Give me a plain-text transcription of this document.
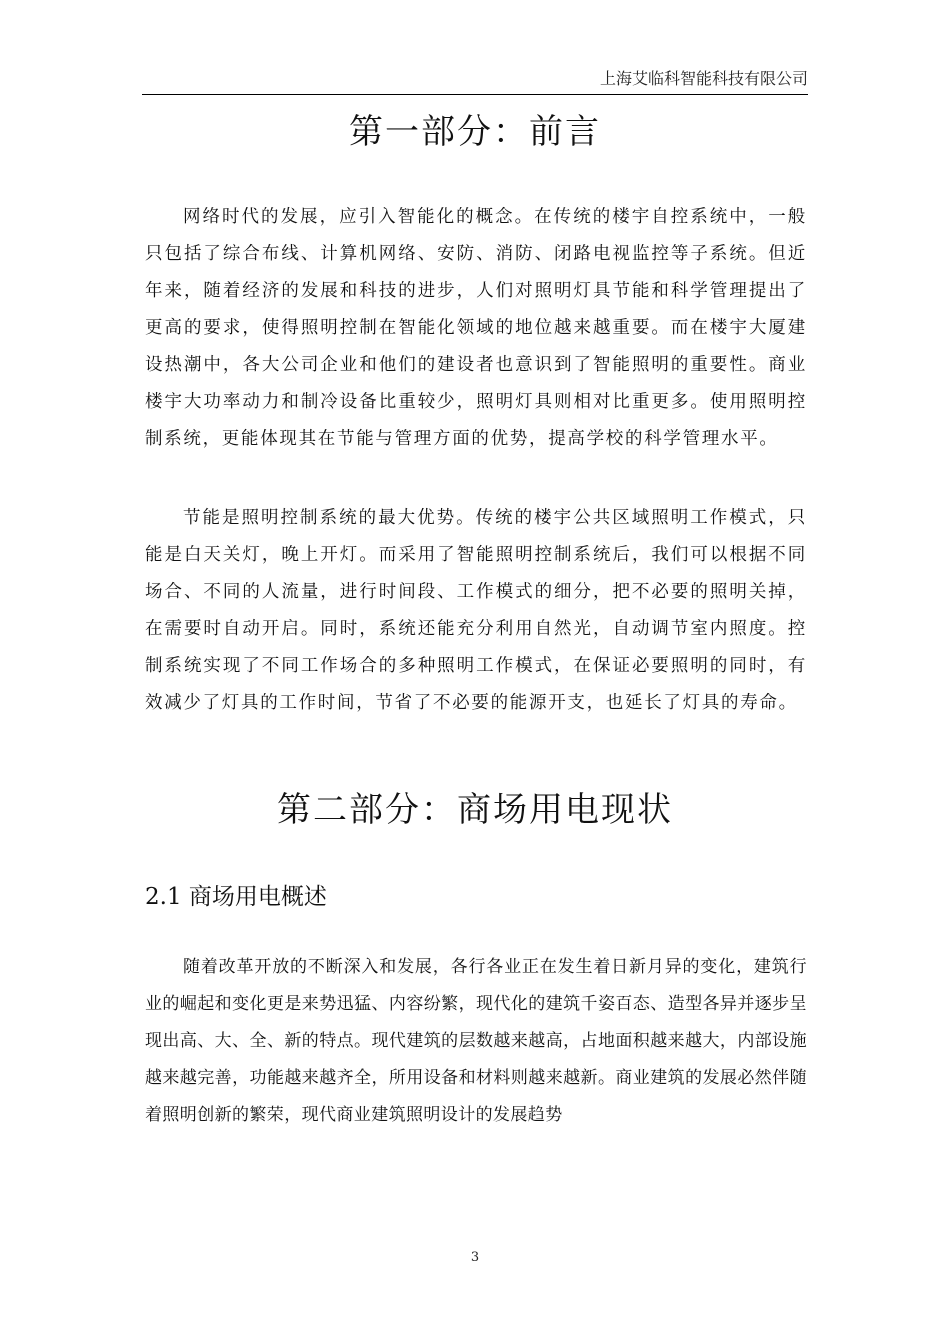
上海艾临科智能科技有限公司
第一部分：前言

网络时代的发展，应引入智能化的概念。在传统的楼宇自控系统中，一般只包括了综合布线、计算机网络、安防、消防、闭路电视监控等子系统。但近年来，随着经济的发展和科技的进步，人们对照明灯具节能和科学管理提出了更高的要求，使得照明控制在智能化领域的地位越来越重要。而在楼宇大厦建设热潮中，各大公司企业和他们的建设者也意识到了智能照明的重要性。商业楼宇大功率动力和制冷设备比重较少，照明灯具则相对比重更多。使用照明控制系统，更能体现其在节能与管理方面的优势，提高学校的科学管理水平。

节能是照明控制系统的最大优势。传统的楼宇公共区域照明工作模式，只能是白天关灯，晚上开灯。而采用了智能照明控制系统后，我们可以根据不同场合、不同的人流量，进行时间段、工作模式的细分，把不必要的照明关掉，在需要时自动开启。同时，系统还能充分利用自然光，自动调节室内照度。控制系统实现了不同工作场合的多种照明工作模式，在保证必要照明的同时，有效减少了灯具的工作时间，节省了不必要的能源开支，也延长了灯具的寿命。

第二部分：商场用电现状
2.1 商场用电概述

随着改革开放的不断深入和发展，各行各业正在发生着日新月异的变化，建筑行业的崛起和变化更是来势迅猛、内容纷繁，现代化的建筑千姿百态、造型各异并逐步呈现出高、大、全、新的特点。现代建筑的层数越来越高，占地面积越来越大，内部设施越来越完善，功能越来越齐全，所用设备和材料则越来越新。商业建筑的发展必然伴随着照明创新的繁荣，现代商业建筑照明设计的发展趋势

3
